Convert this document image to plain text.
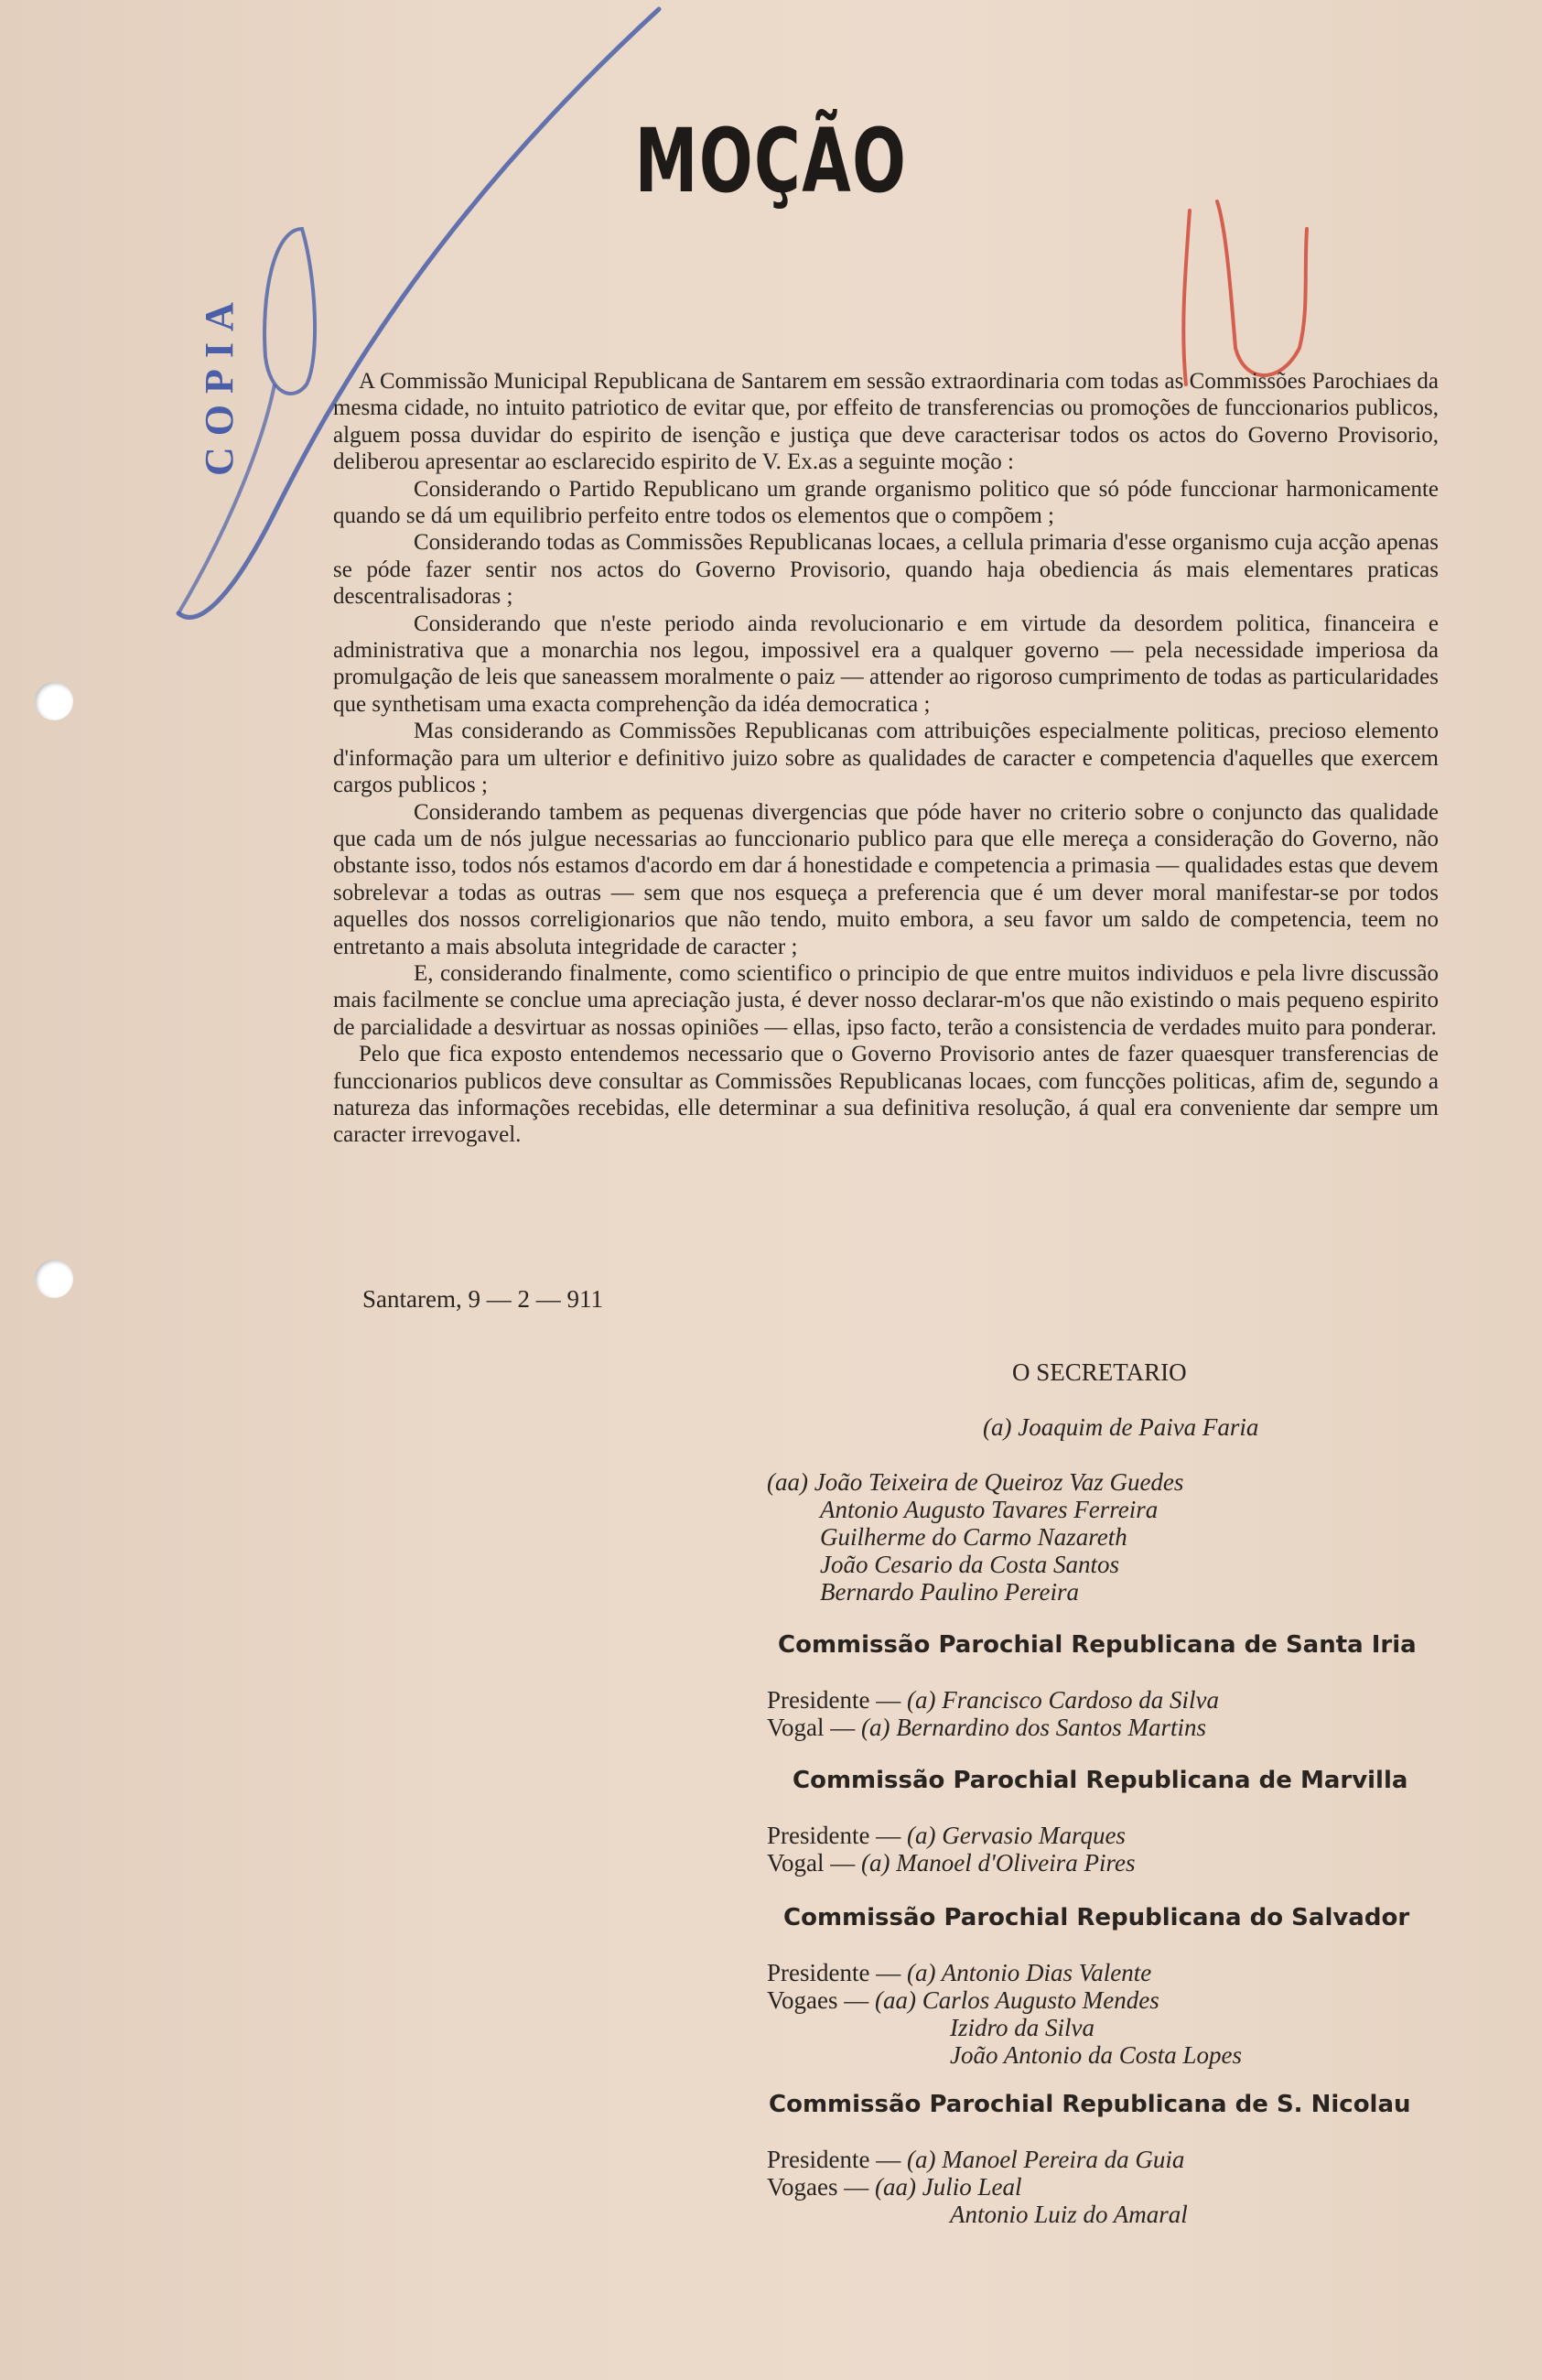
COPIA
MOÇÃO

A Commissão Municipal Republicana de Santarem em sessão extraordinaria com todas as Commissões Parochiaes da mesma cidade, no intuito patriotico de evitar que, por effeito de transferencias ou promoções de funccionarios publicos, alguem possa duvidar do espirito de isenção e justiça que deve caracterisar todos os actos do Governo Provisorio, deliberou apresentar ao esclarecido espirito de V. Ex.as a seguinte moção :

Considerando o Partido Republicano um grande organismo politico que só póde funccionar harmonicamente quando se dá um equilibrio perfeito entre todos os elementos que o compõem ;

Considerando todas as Commissões Republicanas locaes, a cellula primaria d'esse organismo cuja acção apenas se póde fazer sentir nos actos do Governo Provisorio, quando haja obediencia ás mais elementares praticas descentralisadoras ;

Considerando que n'este periodo ainda revolucionario e em virtude da desordem politica, financeira e administrativa que a monarchia nos legou, impossivel era a qualquer governo — pela necessidade imperiosa da promulgação de leis que saneassem moralmente o paiz — attender ao rigoroso cumprimento de todas as particularidades que synthetisam uma exacta comprehenção da idéa democratica ;

Mas considerando as Commissões Republicanas com attribuições especialmente politicas, precioso elemento d'informação para um ulterior e definitivo juizo sobre as qualidades de caracter e competencia d'aquelles que exercem cargos publicos ;

Considerando tambem as pequenas divergencias que póde haver no criterio sobre o conjuncto das qualidade que cada um de nós julgue necessarias ao funccionario publico para que elle mereça a consideração do Governo, não obstante isso, todos nós estamos d'acordo em dar á honestidade e competencia a primasia — qualidades estas que devem sobrelevar a todas as outras — sem que nos esqueça a preferencia que é um dever moral manifestar-se por todos aquelles dos nossos correligionarios que não tendo, muito embora, a seu favor um saldo de competencia, teem no entretanto a mais absoluta integridade de caracter ;

E, considerando finalmente, como scientifico o principio de que entre muitos individuos e pela livre discussão mais facilmente se conclue uma apreciação justa, é dever nosso declarar-m'os que não existindo o mais pequeno espirito de parcialidade a desvirtuar as nossas opiniões — ellas, ipso facto, terão a consistencia de verdades muito para ponderar.

Pelo que fica exposto entendemos necessario que o Governo Provisorio antes de fazer quaesquer transferencias de funccionarios publicos deve consultar as Commissões Republicanas locaes, com funcções politicas, afim de, segundo a natureza das informações recebidas, elle determinar a sua definitiva resolução, á qual era conveniente dar sempre um caracter irrevogavel.

Santarem, 9 — 2 — 911
O SECRETARIO
(a) Joaquim de Paiva Faria
(aa) João Teixeira de Queiroz Vaz Guedes
Antonio Augusto Tavares Ferreira
Guilherme do Carmo Nazareth
João Cesario da Costa Santos
Bernardo Paulino Pereira
Commissão Parochial Republicana de Santa Iria
Presidente — (a) Francisco Cardoso da Silva
Vogal — (a) Bernardino dos Santos Martins
Commissão Parochial Republicana de Marvilla
Presidente — (a) Gervasio Marques
Vogal — (a) Manoel d'Oliveira Pires
Commissão Parochial Republicana do Salvador
Presidente — (a) Antonio Dias Valente
Vogaes — (aa) Carlos Augusto Mendes
Izidro da Silva
João Antonio da Costa Lopes
Commissão Parochial Republicana de S. Nicolau
Presidente — (a) Manoel Pereira da Guia
Vogaes — (aa) Julio Leal
Antonio Luiz do Amaral
